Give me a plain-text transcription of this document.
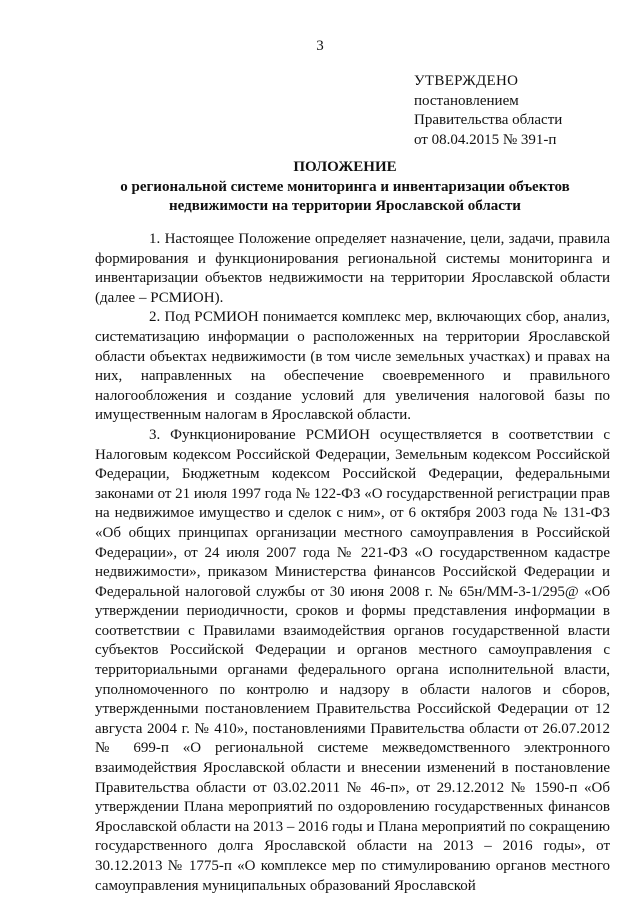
3
УТВЕРЖДЕНО
постановлением
Правительства области
от 08.04.2015 № 391-п
ПОЛОЖЕНИЕ
о региональной системе мониторинга и инвентаризации объектов
недвижимости на территории Ярославской области

1. Настоящее Положение определяет назначение, цели, задачи, правила формирования и функционирования региональной системы мониторинга и инвентаризации объектов недвижимости на территории Ярославской области (далее – РСМИОН).

2. Под РСМИОН понимается комплекс мер, включающих сбор, анализ, систематизацию информации о расположенных на территории Ярославской области объектах недвижимости (в том числе земельных участках) и правах на них, направленных на обеспечение своевременного и правильного налогообложения и создание условий для увеличения налоговой базы по имущественным налогам в Ярославской области.

3. Функционирование РСМИОН осуществляется в соответствии с Налоговым кодексом Российской Федерации, Земельным кодексом Российской Федерации, Бюджетным кодексом Российской Федерации, федеральными законами от 21 июля 1997 года № 122-ФЗ «О государственной регистрации прав на недвижимое имущество и сделок с ним», от 6 октября 2003 года № 131-ФЗ «Об общих принципах организации местного самоуправления в Российской Федерации», от 24 июля 2007 года № 221-ФЗ «О государственном кадастре недвижимости», приказом Министерства финансов Российской Федерации и Федеральной налоговой службы от 30 июня 2008 г. № 65н/ММ-3-1/295@ «Об утверждении периодичности, сроков и формы представления информации в соответствии с Правилами взаимодействия органов государственной власти субъектов Российской Федерации и органов местного самоуправления с территориальными органами федерального органа исполнительной власти, уполномоченного по контролю и надзору в области налогов и сборов, утвержденными постановлением Правительства Российской Федерации от 12 августа 2004 г. № 410», постановлениями Правительства области от 26.07.2012 № 699-п «О региональной системе межведомственного электронного взаимодействия Ярославской области и внесении изменений в постановление Правительства области от 03.02.2011 № 46-п», от 29.12.2012 № 1590-п «Об утверждении Плана мероприятий по оздоровлению государственных финансов Ярославской области на 2013 – 2016 годы и Плана мероприятий по сокращению государственного долга Ярославской области на 2013 – 2016 годы», от 30.12.2013 № 1775-п «О комплексе мер по стимулированию органов местного самоуправления муниципальных образований Ярославской
